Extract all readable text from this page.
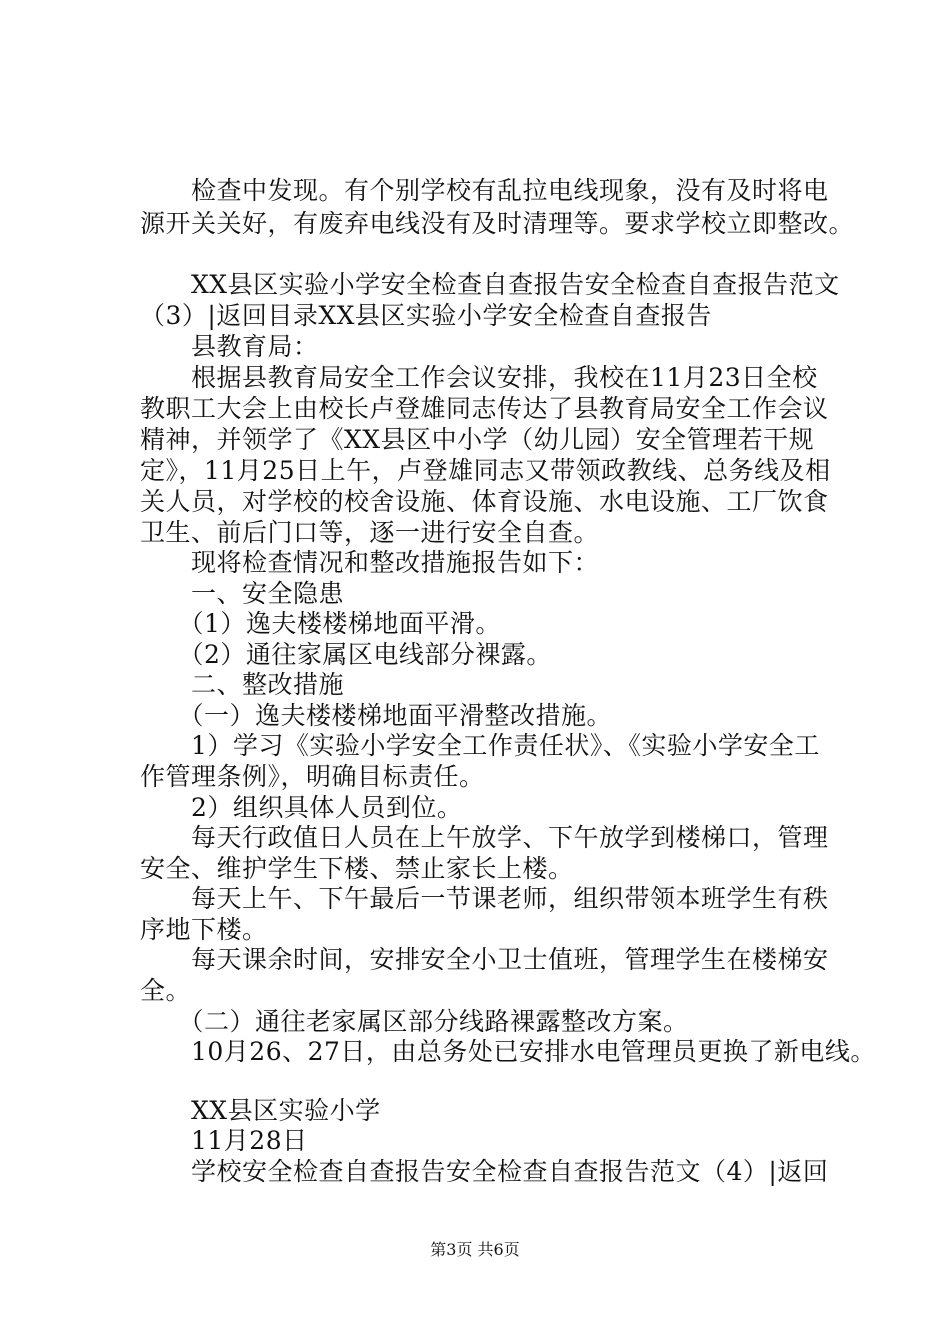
　　检查中发现。有个别学校有乱拉电线现象，没有及时将电
源开关关好，有废弃电线没有及时清理等。要求学校立即整改。
　　XX县区实验小学安全检查自查报告安全检查自查报告范文
（3）|返回目录XX县区实验小学安全检查自查报告
　　县教育局：
　　根据县教育局安全工作会议安排，我校在11月23日全校
教职工大会上由校长卢登雄同志传达了县教育局安全工作会议
精神，并领学了《XX县区中小学（幼儿园）安全管理若干规
定》，11月25日上午，卢登雄同志又带领政教线、总务线及相
关人员，对学校的校舍设施、体育设施、水电设施、工厂饮食
卫生、前后门口等，逐一进行安全自查。
　　现将检查情况和整改措施报告如下：
　　一、安全隐患
　　（1）逸夫楼楼梯地面平滑。
　　（2）通往家属区电线部分裸露。
　　二、整改措施
　　（一）逸夫楼楼梯地面平滑整改措施。
　　1）学习《实验小学安全工作责任状》、《实验小学安全工
作管理条例》，明确目标责任。
　　2）组织具体人员到位。
　　每天行政值日人员在上午放学、下午放学到楼梯口，管理
安全、维护学生下楼、禁止家长上楼。
　　每天上午、下午最后一节课老师，组织带领本班学生有秩
序地下楼。
　　每天课余时间，安排安全小卫士值班，管理学生在楼梯安
全。
　　（二）通往老家属区部分线路裸露整改方案。
　　10月26、27日，由总务处已安排水电管理员更换了新电线。
　　XX县区实验小学
　　11月28日
　　学校安全检查自查报告安全检查自查报告范文（4）|返回
第3页 共6页
